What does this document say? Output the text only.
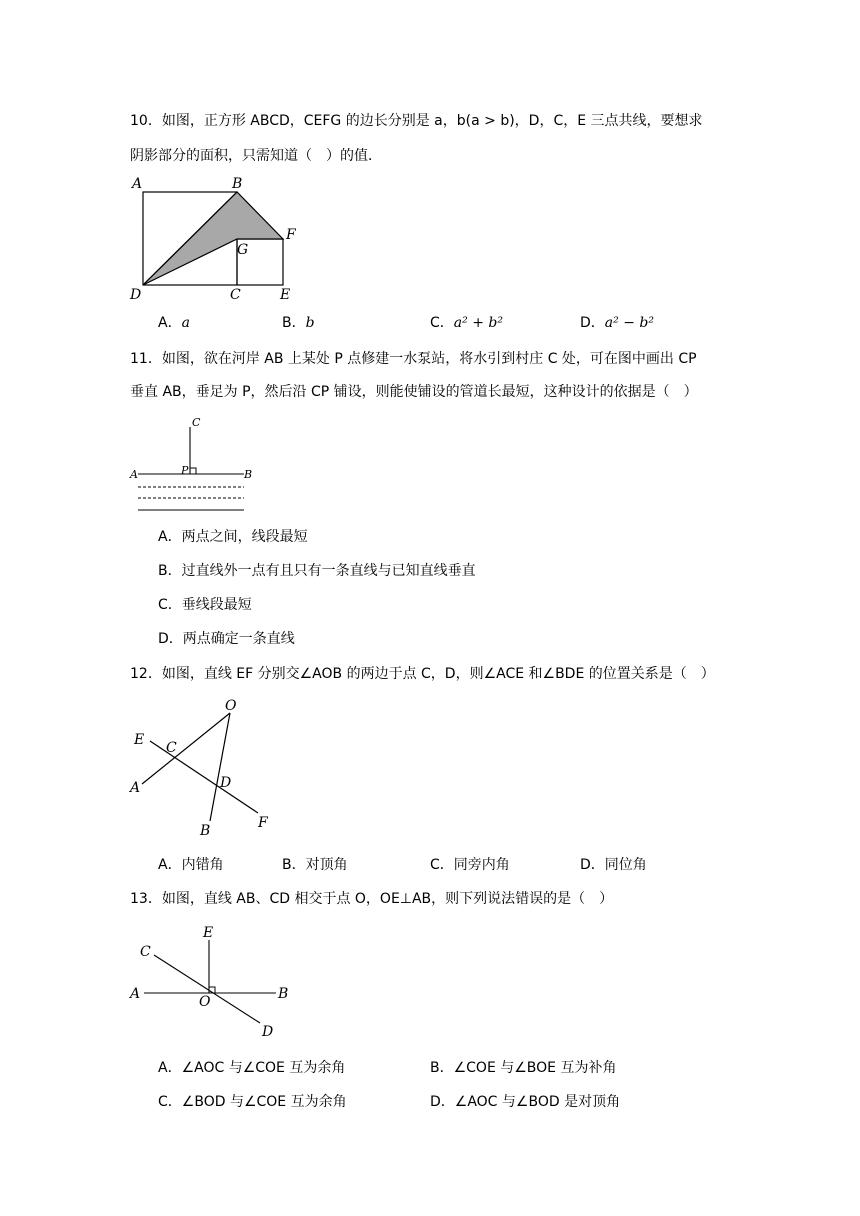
10．如图，正方形 ABCD，CEFG 的边长分别是 a，b(a > b)，D，C，E 三点共线，要想求
阴影部分的面积，只需知道（　）的值．
A	B
G
F
D	C	E
A．a	B．b	C．a² + b²	D．a² − b²
11．如图，欲在河岸 AB 上某处 P 点修建一水泵站，将水引到村庄 C 处，可在图中画出 CP
垂直 AB，垂足为 P，然后沿 CP 铺设，则能使铺设的管道长最短，这种设计的依据是（　）
C
A	B
P
A．两点之间，线段最短
B．过直线外一点有且只有一条直线与已知直线垂直
C．垂线段最短
D．两点确定一条直线
12．如图，直线 EF 分别交∠AOB 的两边于点 C，D，则∠ACE 和∠BDE 的位置关系是（　）
O
E C
A	D
B	F
A．内错角	B．对顶角	C．同旁内角	D．同位角
13．如图，直线 AB、CD 相交于点 O，OE⊥AB，则下列说法错误的是（　）
E
C
A	O	B
D
A．∠AOC 与∠COE 互为余角	B．∠COE 与∠BOE 互为补角
C．∠BOD 与∠COE 互为余角	D．∠AOC 与∠BOD 是对顶角
